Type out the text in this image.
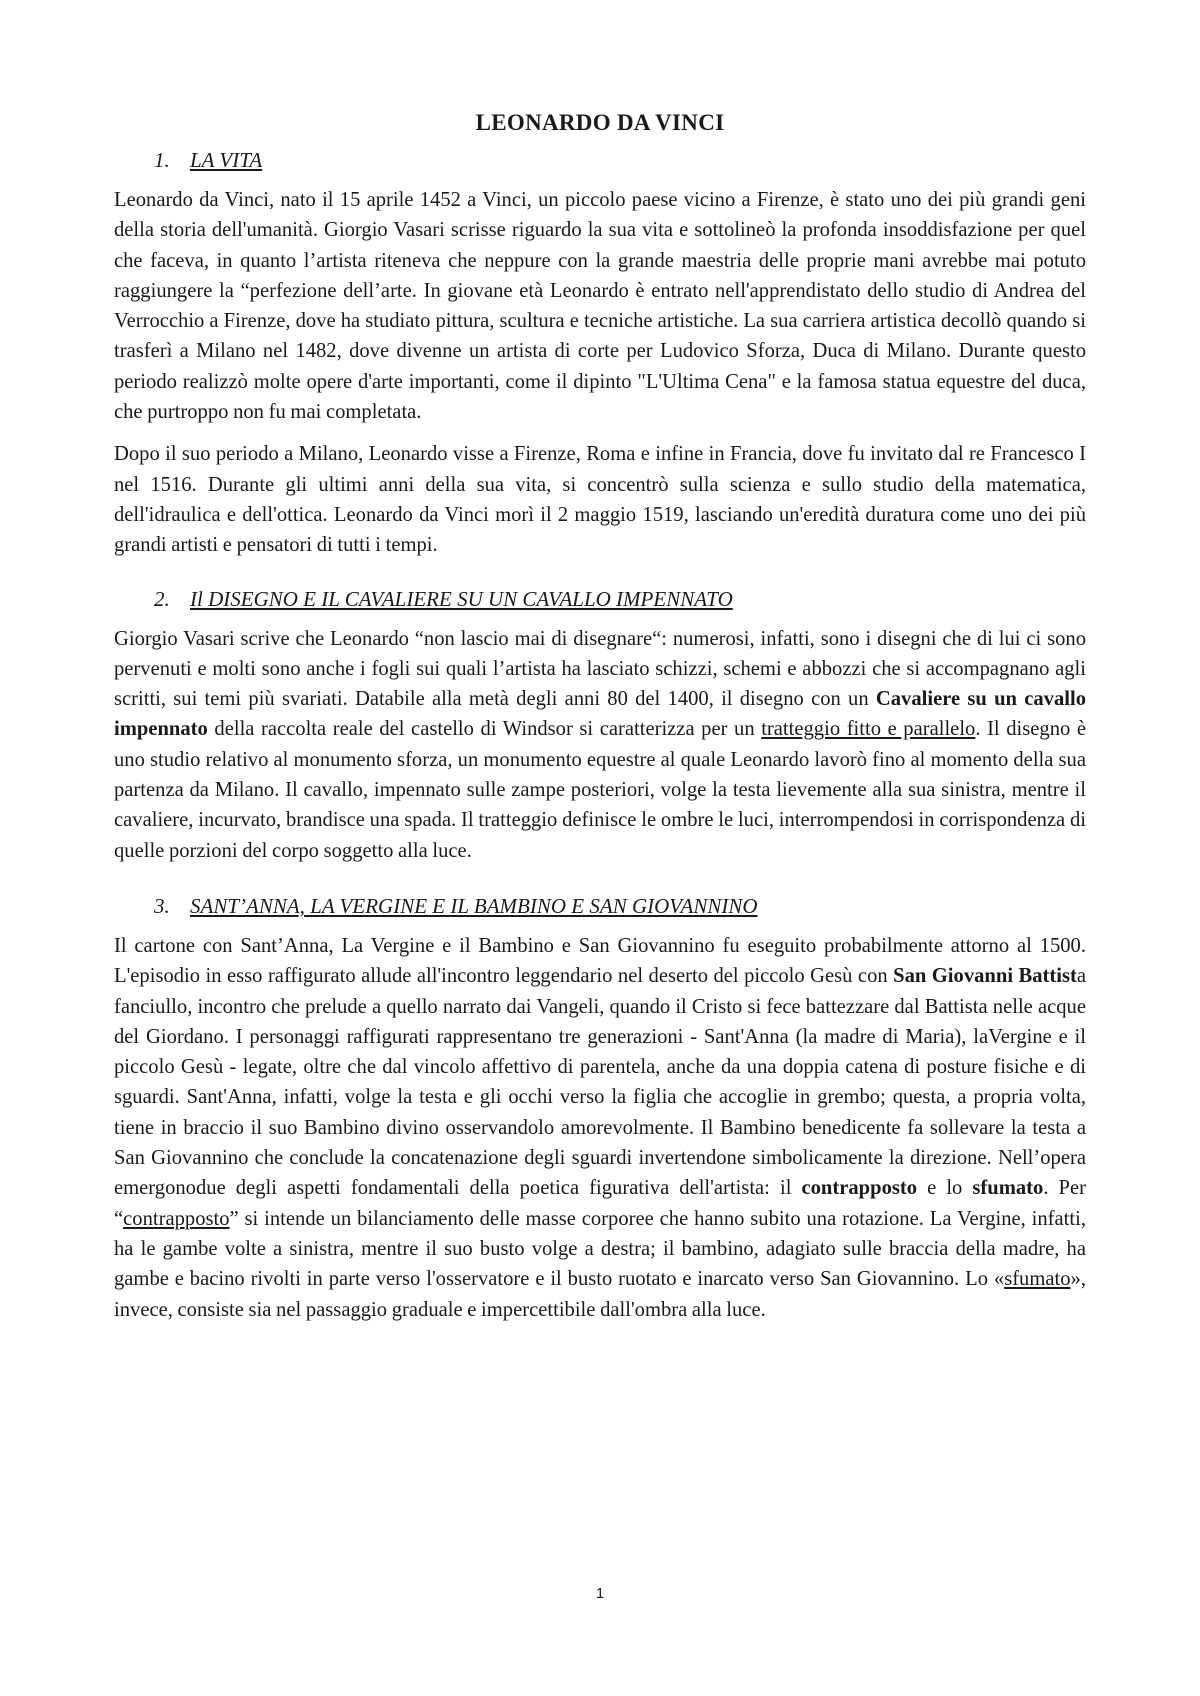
LEONARDO DA VINCI
1. LA VITA

Leonardo da Vinci, nato il 15 aprile 1452 a Vinci, un piccolo paese vicino a Firenze, è stato uno dei più grandi geni della storia dell'umanità. Giorgio Vasari scrisse riguardo la sua vita e sottolineò la profonda insoddisfazione per quel che faceva, in quanto l’artista riteneva che neppure con la grande maestria delle proprie mani avrebbe mai potuto raggiungere la “perfezione dell’arte. In giovane età Leonardo è entrato nell'apprendistato dello studio di Andrea del Verrocchio a Firenze, dove ha studiato pittura, scultura e tecniche artistiche. La sua carriera artistica decollò quando si trasferì a Milano nel 1482, dove divenne un artista di corte per Ludovico Sforza, Duca di Milano. Durante questo periodo realizzò molte opere d'arte importanti, come il dipinto "L'Ultima Cena" e la famosa statua equestre del duca, che purtroppo non fu mai completata.

Dopo il suo periodo a Milano, Leonardo visse a Firenze, Roma e infine in Francia, dove fu invitato dal re Francesco I nel 1516. Durante gli ultimi anni della sua vita, si concentrò sulla scienza e sullo studio della matematica, dell'idraulica e dell'ottica. Leonardo da Vinci morì il 2 maggio 1519, lasciando un'eredità duratura come uno dei più grandi artisti e pensatori di tutti i tempi.

2. Il DISEGNO E IL CAVALIERE SU UN CAVALLO IMPENNATO

Giorgio Vasari scrive che Leonardo “non lascio mai di disegnare“: numerosi, infatti, sono i disegni che di lui ci sono pervenuti e molti sono anche i fogli sui quali l’artista ha lasciato schizzi, schemi e abbozzi che si accompagnano agli scritti, sui temi più svariati. Databile alla metà degli anni 80 del 1400, il disegno con un Cavaliere su un cavallo impennato della raccolta reale del castello di Windsor si caratterizza per un tratteggio fitto e parallelo. Il disegno è uno studio relativo al monumento sforza, un monumento equestre al quale Leonardo lavorò fino al momento della sua partenza da Milano. Il cavallo, impennato sulle zampe posteriori, volge la testa lievemente alla sua sinistra, mentre il cavaliere, incurvato, brandisce una spada. Il tratteggio definisce le ombre le luci, interrompendosi in corrispondenza di quelle porzioni del corpo soggetto alla luce.

3. SANT’ANNA, LA VERGINE E IL BAMBINO E SAN GIOVANNINO

Il cartone con Sant’Anna, La Vergine e il Bambino e San Giovannino fu eseguito probabilmente attorno al 1500. L'episodio in esso raffigurato allude all'incontro leggendario nel deserto del piccolo Gesù con San Giovanni Battista fanciullo, incontro che prelude a quello narrato dai Vangeli, quando il Cristo si fece battezzare dal Battista nelle acque del Giordano. I personaggi raffigurati rappresentano tre generazioni - Sant'Anna (la madre di Maria), laVergine e il piccolo Gesù - legate, oltre che dal vincolo affettivo di parentela, anche da una doppia catena di posture fisiche e di sguardi. Sant'Anna, infatti, volge la testa e gli occhi verso la figlia che accoglie in grembo; questa, a propria volta, tiene in braccio il suo Bambino divino osservandolo amorevolmente. Il Bambino benedicente fa sollevare la testa a San Giovannino che conclude la concatenazione degli sguardi invertendone simbolicamente la direzione. Nell’opera emergonodue degli aspetti fondamentali della poetica figurativa dell'artista: il contrapposto e lo sfumato. Per “contrapposto” si intende un bilanciamento delle masse corporee che hanno subito una rotazione. La Vergine, infatti, ha le gambe volte a sinistra, mentre il suo busto volge a destra; il bambino, adagiato sulle braccia della madre, ha gambe e bacino rivolti in parte verso l'osservatore e il busto ruotato e inarcato verso San Giovannino. Lo «sfumato», invece, consiste sia nel passaggio graduale e impercettibile dall'ombra alla luce.

1
